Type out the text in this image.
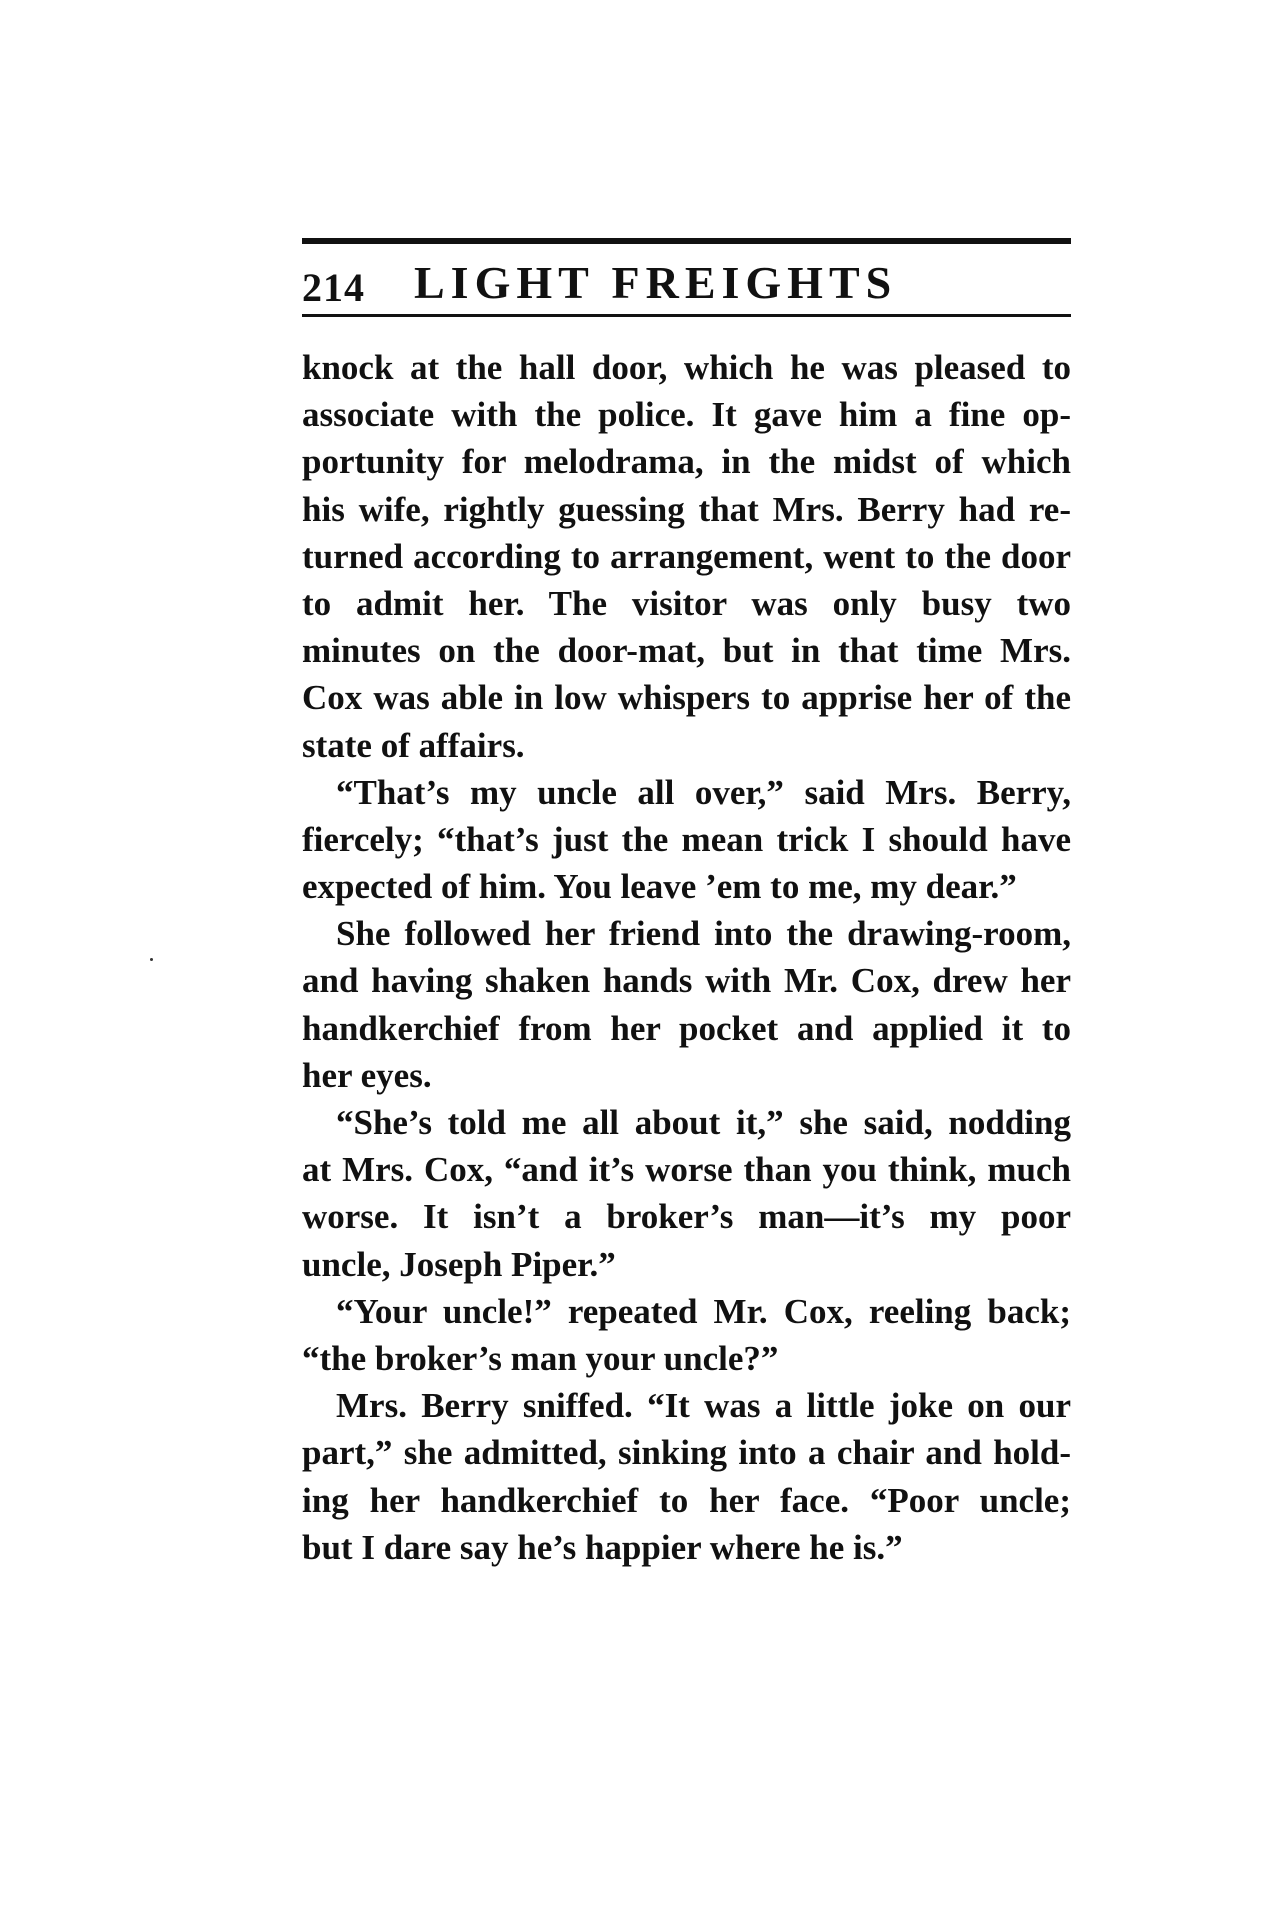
214 LIGHT FREIGHTS
knock at the hall door, which he was pleased to
associate with the police. It gave him a fine op-
portunity for melodrama, in the midst of which
his wife, rightly guessing that Mrs. Berry had re-
turned according to arrangement, went to the door
to admit her. The visitor was only busy two
minutes on the door-mat, but in that time Mrs.
Cox was able in low whispers to apprise her of the
state of affairs.
“That’s my uncle all over,” said Mrs. Berry,
fiercely; “that’s just the mean trick I should have
expected of him. You leave ’em to me, my dear.”
She followed her friend into the drawing-room,
and having shaken hands with Mr. Cox, drew her
handkerchief from her pocket and applied it to
her eyes.
“She’s told me all about it,” she said, nodding
at Mrs. Cox, “and it’s worse than you think, much
worse. It isn’t a broker’s man—it’s my poor
uncle, Joseph Piper.”
“Your uncle!” repeated Mr. Cox, reeling back;
“the broker’s man your uncle?”
Mrs. Berry sniffed. “It was a little joke on our
part,” she admitted, sinking into a chair and hold-
ing her handkerchief to her face. “Poor uncle;
but I dare say he’s happier where he is.”
